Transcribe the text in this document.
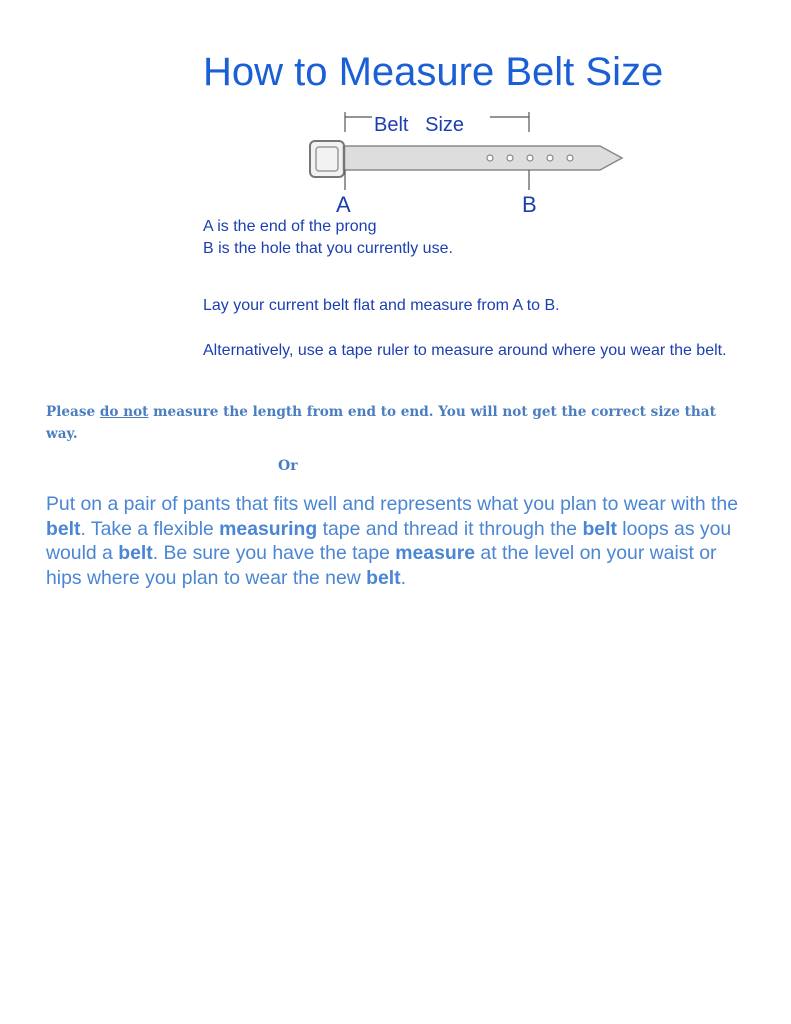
How to Measure Belt Size
Belt   Size
A	B
A is the end of the prong
B is the hole that you currently use.
Lay your current belt flat and measure from A to B.
Alternatively, use a tape ruler to measure around where you wear the belt.
Please do not measure the length from end to end. You will not get the correct size that way.
Or
Put on a pair of pants that fits well and represents what you plan to wear with the belt. Take a flexible measuring tape and thread it through the belt loops as you would a belt. Be sure you have the tape measure at the level on your waist or hips where you plan to wear the new belt.
